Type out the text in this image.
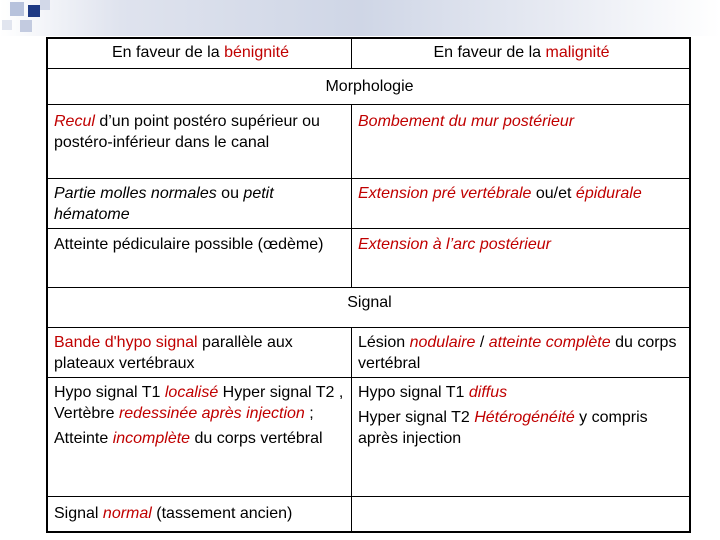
En faveur de la bénignité	En faveur de la malignité
Morphologie
Recul d’un point postéro supérieur ou postéro-inférieur dans le canal
Bombement du mur postérieur
Partie molles normales ou petit hématome
Extension pré vertébrale ou/et épidurale
Atteinte pédiculaire possible (œdème)	Extension à l’arc postérieur
Signal
Bande d'hypo signal parallèle aux plateaux vertébraux
Lésion nodulaire / atteinte complète du corps vertébral
Hypo signal T1 localisé Hyper signal T2 , Vertèbre redessinée après injection ;
Atteinte incomplète du corps vertébral
Hypo signal T1 diffus
Hyper signal T2 Hétérogénéité y compris après injection
Signal normal (tassement ancien)
